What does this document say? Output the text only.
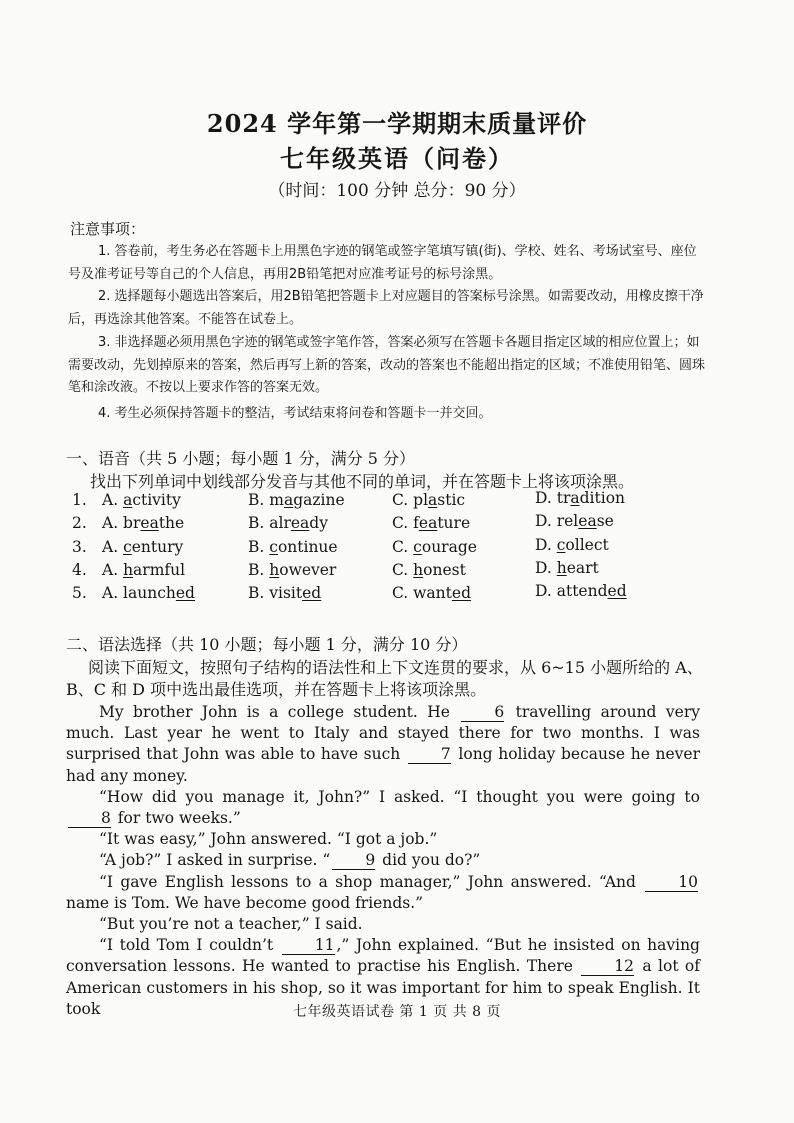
2024 学年第一学期期末质量评价
七年级英语（问卷）
（时间：100 分钟 总分：90 分）
注意事项：

1. 答卷前，考生务必在答题卡上用黑色字迹的钢笔或签字笔填写镇(街)、学校、姓名、考场试室号、座位号及准考证号等自己的个人信息，再用2B铅笔把对应准考证号的标号涂黑。

2. 选择题每小题选出答案后，用2B铅笔把答题卡上对应题目的答案标号涂黑。如需要改动，用橡皮擦干净后，再选涂其他答案。不能答在试卷上。

3. 非选择题必须用黑色字迹的钢笔或签字笔作答，答案必须写在答题卡各题目指定区域的相应位置上；如需要改动，先划掉原来的答案，然后再写上新的答案，改动的答案也不能超出指定的区域；不准使用铅笔、圆珠笔和涂改液。不按以上要求作答的答案无效。

4. 考生必须保持答题卡的整洁，考试结束将问卷和答题卡一并交回。

一、语音（共 5 小题；每小题 1 分，满分 5 分）
找出下列单词中划线部分发音与其他不同的单词，并在答题卡上将该项涂黑。
1. A. activity	B. magazine	C. plastic	D. tradition
2. A. breathe	B. already	C. feature	D. release
3. A. century	B. continue	C. courage	D. collect
4. A. harmful	B. however	C. honest	D. heart
5. A. launched	B. visited	C. wanted	D. attended
二、语法选择（共 10 小题；每小题 1 分，满分 10 分）
阅读下面短文，按照句子结构的语法性和上下文连贯的要求，从 6~15 小题所给的 A、B、C 和 D 项中选出最佳选项，并在答题卡上将该项涂黑。

My brother John is a college student. He 6 travelling around very much. Last year he went to Italy and stayed there for two months. I was surprised that John was able to have such 7 long holiday because he never had any money.

“How did you manage it, John?” I asked. “I thought you were going to 8 for two weeks.”

“It was easy,” John answered. “I got a job.”

“A job?” I asked in surprise. “ 9 did you do?”

“I gave English lessons to a shop manager,” John answered. “And 10 name is Tom. We have become good friends.”

“But you’re not a teacher,” I said.

“I told Tom I couldn’t 11 ,” John explained. “But he insisted on having conversation lessons. He wanted to practise his English. There 12 a lot of American customers in his shop, so it was important for him to speak English. It took	七年级英语试卷 第 1 页 共 8 页
